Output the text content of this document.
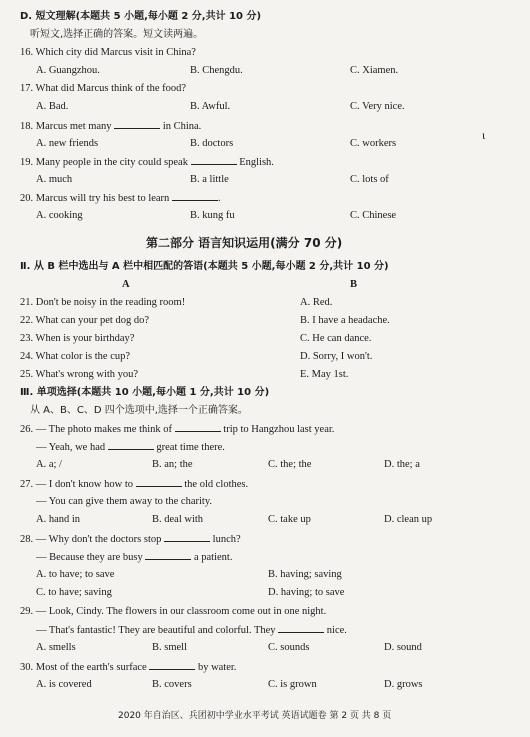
D. 短文理解(本题共 5 小题,每小题 2 分,共计 10 分)
听短文,选择正确的答案。短文读两遍。
16. Which city did Marcus visit in China?
A. Guangzhou.	B. Chengdu.	C. Xiamen.
17. What did Marcus think of the food?
A. Bad.	B. Awful.	C. Very nice.
18. Marcus met many	in China.
A. new friends	B. doctors	C. workers
19. Many people in the city could speak	English.
A. much	B. a little	C. lots of
20. Marcus will try his best to learn	.
A. cooking	B. kung fu	C. Chinese
ɩ
第二部分 语言知识运用(满分 70 分)
Ⅱ. 从 B 栏中选出与 A 栏中相匹配的答语(本题共 5 小题,每小题 2 分,共计 10 分)
A	B
21. Don't be noisy in the reading room!	A. Red.
22. What can your pet dog do?	B. I have a headache.
23. When is your birthday?	C. He can dance.
24. What color is the cup?	D. Sorry, I won't.
25. What's wrong with you?	E. May 1st.
Ⅲ. 单项选择(本题共 10 小题,每小题 1 分,共计 10 分)
从 A、B、C、D 四个选项中,选择一个正确答案。
26. — The photo makes me think of	trip to Hangzhou last year.
— Yeah, we had	great time there.
A. a; /	B. an; the	C. the; the	D. the; a
27. — I don't know how to	the old clothes.
— You can give them away to the charity.
A. hand in	B. deal with	C. take up	D. clean up
28. — Why don't the doctors stop	lunch?
— Because they are busy	a patient.
A. to have; to save	B. having; saving
C. to have; saving	D. having; to save
29. — Look, Cindy. The flowers in our classroom come out in one night.
— That's fantastic! They are beautiful and colorful. They	nice.
A. smells	B. smell	C. sounds	D. sound
30. Most of the earth's surface	by water.
A. is covered	B. covers	C. is grown	D. grows
2020 年自治区、兵团初中学业水平考试 英语试题卷 第 2 页 共 8 页
